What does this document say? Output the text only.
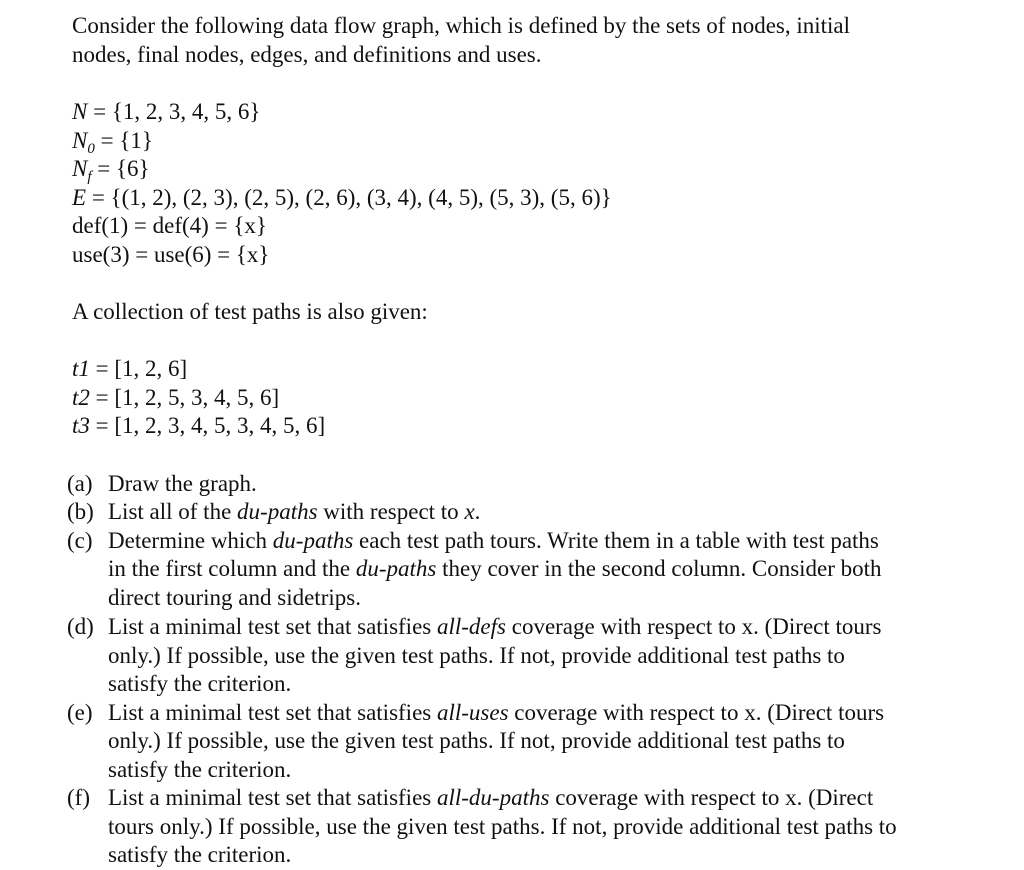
Consider the following data flow graph, which is defined by the sets of nodes, initial
nodes, final nodes, edges, and definitions and uses.
N = {1, 2, 3, 4, 5, 6}
$N_0 = \{1\}$
$N_f = \{6\}$
E = {(1, 2), (2, 3), (2, 5), (2, 6), (3, 4), (4, 5), (5, 3), (5, 6)}
def(1) = def(4) = {x}
use(3) = use(6) = {x}
A collection of test paths is also given:
t1 = [1, 2, 6]
t2 = [1, 2, 5, 3, 4, 5, 6]
t3 = [1, 2, 3, 4, 5, 3, 4, 5, 6]
(a) Draw the graph.
(b) List all of the du-paths with respect to x.
(c) Determine which du-paths each test path tours. Write them in a table with test paths
in the first column and the du-paths they cover in the second column. Consider both
direct touring and sidetrips.
(d) List a minimal test set that satisfies all-defs coverage with respect to x. (Direct tours
only.) If possible, use the given test paths. If not, provide additional test paths to
satisfy the criterion.
(e) List a minimal test set that satisfies all-uses coverage with respect to x. (Direct tours
only.) If possible, use the given test paths. If not, provide additional test paths to
satisfy the criterion.
(f) List a minimal test set that satisfies all-du-paths coverage with respect to x. (Direct
tours only.) If possible, use the given test paths. If not, provide additional test paths to
satisfy the criterion.
